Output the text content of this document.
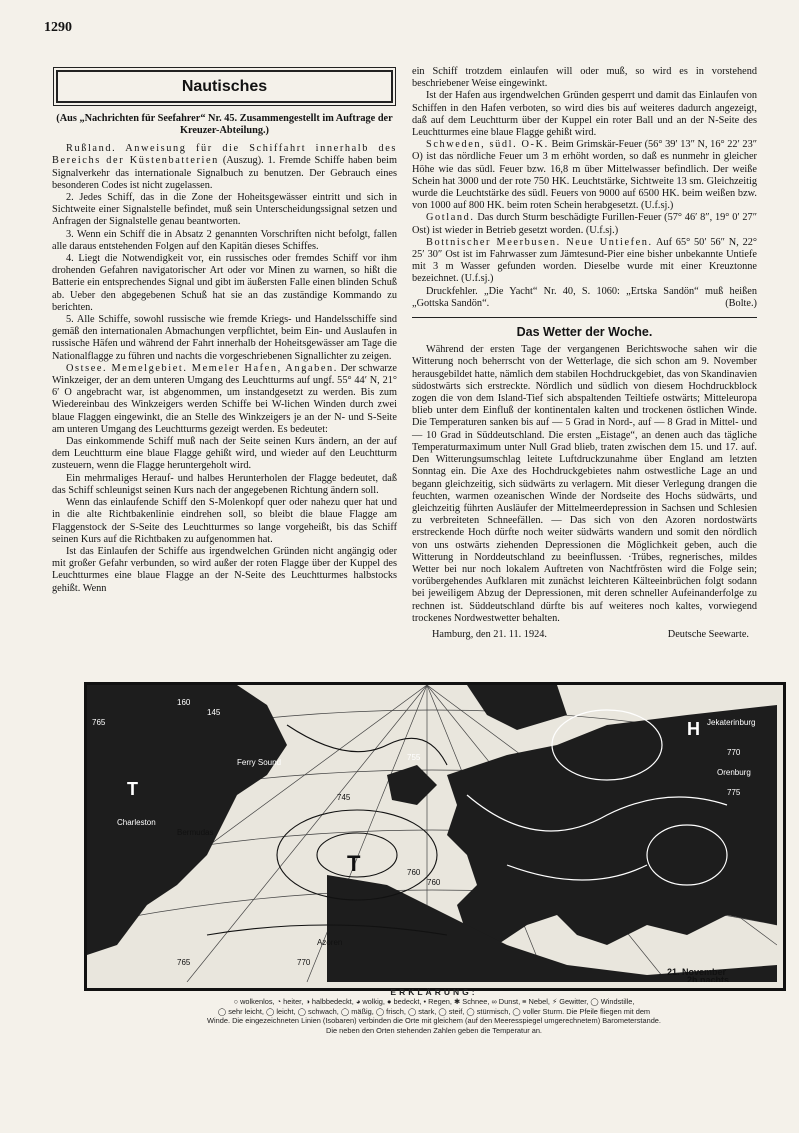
1290
Nautisches
(Aus „Nachrichten für Seefahrer“ Nr. 45. Zusammengestellt im Auftrage der Kreuzer-Abteilung.)

Rußland. Anweisung für die Schiffahrt innerhalb des Bereichs der Küstenbatterien (Auszug). 1. Fremde Schiffe haben beim Signalverkehr das internationale Signalbuch zu benutzen. Der Gebrauch eines besonderen Codes ist nicht zugelassen.

2. Jedes Schiff, das in die Zone der Hoheitsgewässer eintritt und sich in Sichtweite einer Signalstelle befindet, muß sein Unterscheidungssignal setzen und Anfragen der Signalstelle genau beantworten.

3. Wenn ein Schiff die in Absatz 2 genannten Vorschriften nicht befolgt, fallen alle daraus entstehenden Folgen auf den Kapitän dieses Schiffes.

4. Liegt die Notwendigkeit vor, ein russisches oder fremdes Schiff vor ihm drohenden Gefahren navigatorischer Art oder vor Minen zu warnen, so hißt die Batterie ein entsprechendes Signal und gibt im äußersten Falle einen blinden Schuß ab. Ueber den abgegebenen Schuß hat sie an das zuständige Kommando zu berichten.

5. Alle Schiffe, sowohl russische wie fremde Kriegs- und Handelsschiffe sind gemäß den internationalen Abmachungen verpflichtet, beim Ein- und Auslaufen in russische Häfen und während der Fahrt innerhalb der Hoheitsgewässer am Tage die Nationalflagge zu führen und nachts die vorgeschriebenen Signallichter zu zeigen.

Ostsee. Memelgebiet. Memeler Hafen, Angaben. Der schwarze Winkzeiger, der an dem unteren Umgang des Leuchtturms auf ungf. 55° 44′ N, 21° 6′ O angebracht war, ist abgenommen, um instandgesetzt zu werden. Bis zum Wiedereinbau des Winkzeigers werden Schiffe bei W-lichen Winden durch zwei blaue Flaggen eingewinkt, die an Stelle des Winkzeigers je an der N- und S-Seite am unteren Umgang des Leuchtturms gezeigt werden. Es bedeutet:

Das einkommende Schiff muß nach der Seite seinen Kurs ändern, an der auf dem Leuchtturm eine blaue Flagge gehißt wird, und wieder auf den Leuchtturm zusteuern, wenn die Flagge heruntergeholt wird.

Ein mehrmaliges Herauf- und halbes Herunterholen der Flagge bedeutet, daß das Schiff schleunigst seinen Kurs nach der angegebenen Richtung ändern soll.

Wenn das einlaufende Schiff den S-Molenkopf quer oder nahezu quer hat und in die alte Richtbakenlinie eindrehen soll, so bleibt die blaue Flagge am Flaggenstock der S-Seite des Leuchtturmes so lange vorgeheißt, bis das Schiff seinen Kurs auf die Richtbaken zu aufgenommen hat.

Ist das Einlaufen der Schiffe aus irgendwelchen Gründen nicht angängig oder mit großer Gefahr verbunden, so wird außer der roten Flagge über der Kuppel des Leuchtturmes eine blaue Flagge an der N-Seite des Leuchtturmes halbstocks gehißt. Wenn

ein Schiff trotzdem einlaufen will oder muß, so wird es in vorstehend beschriebener Weise eingewinkt.

Ist der Hafen aus irgendwelchen Gründen gesperrt und damit das Einlaufen von Schiffen in den Hafen verboten, so wird dies bis auf weiteres dadurch angezeigt, daß auf dem Leuchtturm über der Kuppel ein roter Ball und an der N-Seite des Leuchtturmes eine blaue Flagge gehißt wird.

Schweden, südl. O-K. Beim Grimskär-Feuer (56° 39′ 13″ N, 16° 22′ 23″ O) ist das nördliche Feuer um 3 m erhöht worden, so daß es nunmehr in gleicher Höhe wie das südl. Feuer bzw. 16,8 m über Mittelwasser befindlich. Der weiße Schein hat 3000 und der rote 750 HK. Leuchtstärke, Sichtweite 13 sm. Gleichzeitig wurde die Leuchtstärke des südl. Feuers von 9000 auf 6500 HK. beim weißen bzw. von 1000 auf 800 HK. beim roten Schein herabgesetzt. (U.f.sj.)

Gotland. Das durch Sturm beschädigte Furillen-Feuer (57° 46′ 8″, 19° 0′ 27″ Ost) ist wieder in Betrieb gesetzt worden. (U.f.sj.)

Bottnischer Meerbusen. Neue Untiefen. Auf 65° 50′ 56″ N, 22° 25′ 30″ Ost ist im Fahrwasser zum Jämtesund-Pier eine bisher unbekannte Untiefe mit 3 m Wasser gefunden worden. Dieselbe wurde mit einer Kreuztonne bezeichnet. (U.f.sj.)

Druckfehler. „Die Yacht“ Nr. 40, S. 1060: „Ertska Sandön“ muß heißen „Gottska Sandön“.	(Bolte.)

Das Wetter der Woche.

Während der ersten Tage der vergangenen Berichtswoche sahen wir die Witterung noch beherrscht von der Wetterlage, die sich schon am 9. November herausgebildet hatte, nämlich dem stabilen Hochdruckgebiet, das von Skandinavien südostwärts sich erstreckte. Nördlich und südlich von diesem Hochdruckblock zogen die von dem Island-Tief sich abspaltenden Teiltiefe ostwärts; Mitteleuropa blieb unter dem Einfluß der kontinentalen kalten und trockenen östlichen Winde. Die Temperaturen sanken bis auf — 5 Grad in Nord-, auf — 8 Grad in Mittel- und — 10 Grad in Süddeutschland. Die ersten „Eistage“, an denen auch das tägliche Temperaturmaximum unter Null Grad blieb, traten zwischen dem 15. und 17. auf. Den Witterungsumschlag leitete Luftdruckzunahme über England am letzten Sonntag ein. Die Axe des Hochdruckgebietes nahm ostwestliche Lage an und begann gleichzeitig, sich südwärts zu verlagern. Mit dieser Verlegung drangen die feuchten, warmen ozeanischen Winde der Nordseite des Hochs südwärts, und gleichzeitig führten Ausläufer der Mittelmeerdepression in Sachsen und Schlesien zu verbreiteten Schneefällen. — Das sich von den Azoren nordostwärts erstreckende Hoch dürfte noch weiter südwärts wandern und somit den nördlich von uns ostwärts ziehenden Depressionen die Möglichkeit geben, auch die Witterung in Norddeutschland zu beeinflussen. ·Trübes, regnerisches, mildes Wetter bei nur noch lokalem Auftreten von Nachtfrösten wird die Folge sein; vorübergehendes Aufklaren mit zunächst leichteren Kälteeinbrüchen folgt sodann bei jeweiligem Abzug der Depressionen, mit deren schneller Aufeinanderfolge zu rechnen ist. Süddeutschland dürfte bis auf weiteres noch kaltes, vorwiegend trockenes Nordwestwetter behalten.

Hamburg, den 21. 11. 1924.	Deutsche Seewarte.
T
T
H
21. November
2h nachts
Ferry Sound
Charleston
Bermudas
Azoren
Jekaterinburg
Orenburg
160
145
765
745
760
770
775
770
765
755
760
ERKLÄRUNG:
○ wolkenlos, ◔ heiter, ◑ halbbedeckt, ◕ wolkig, ● bedeckt, • Regen, ✱ Schnee, ∞ Dunst, ≡ Nebel, ⚡ Gewitter, ◯ Windstille,
◯ sehr leicht, ◯ leicht, ◯ schwach, ◯ mäßig, ◯ frisch, ◯ stark, ◯ steif, ◯ stürmisch, ◯ voller Sturm. Die Pfeile fliegen mit dem
Winde. Die eingezeichneten Linien (Isobaren) verbinden die Orte mit gleichem (auf den Meeresspiegel umgerechnetem) Barometerstande.
Die neben den Orten stehenden Zahlen geben die Temperatur an.
